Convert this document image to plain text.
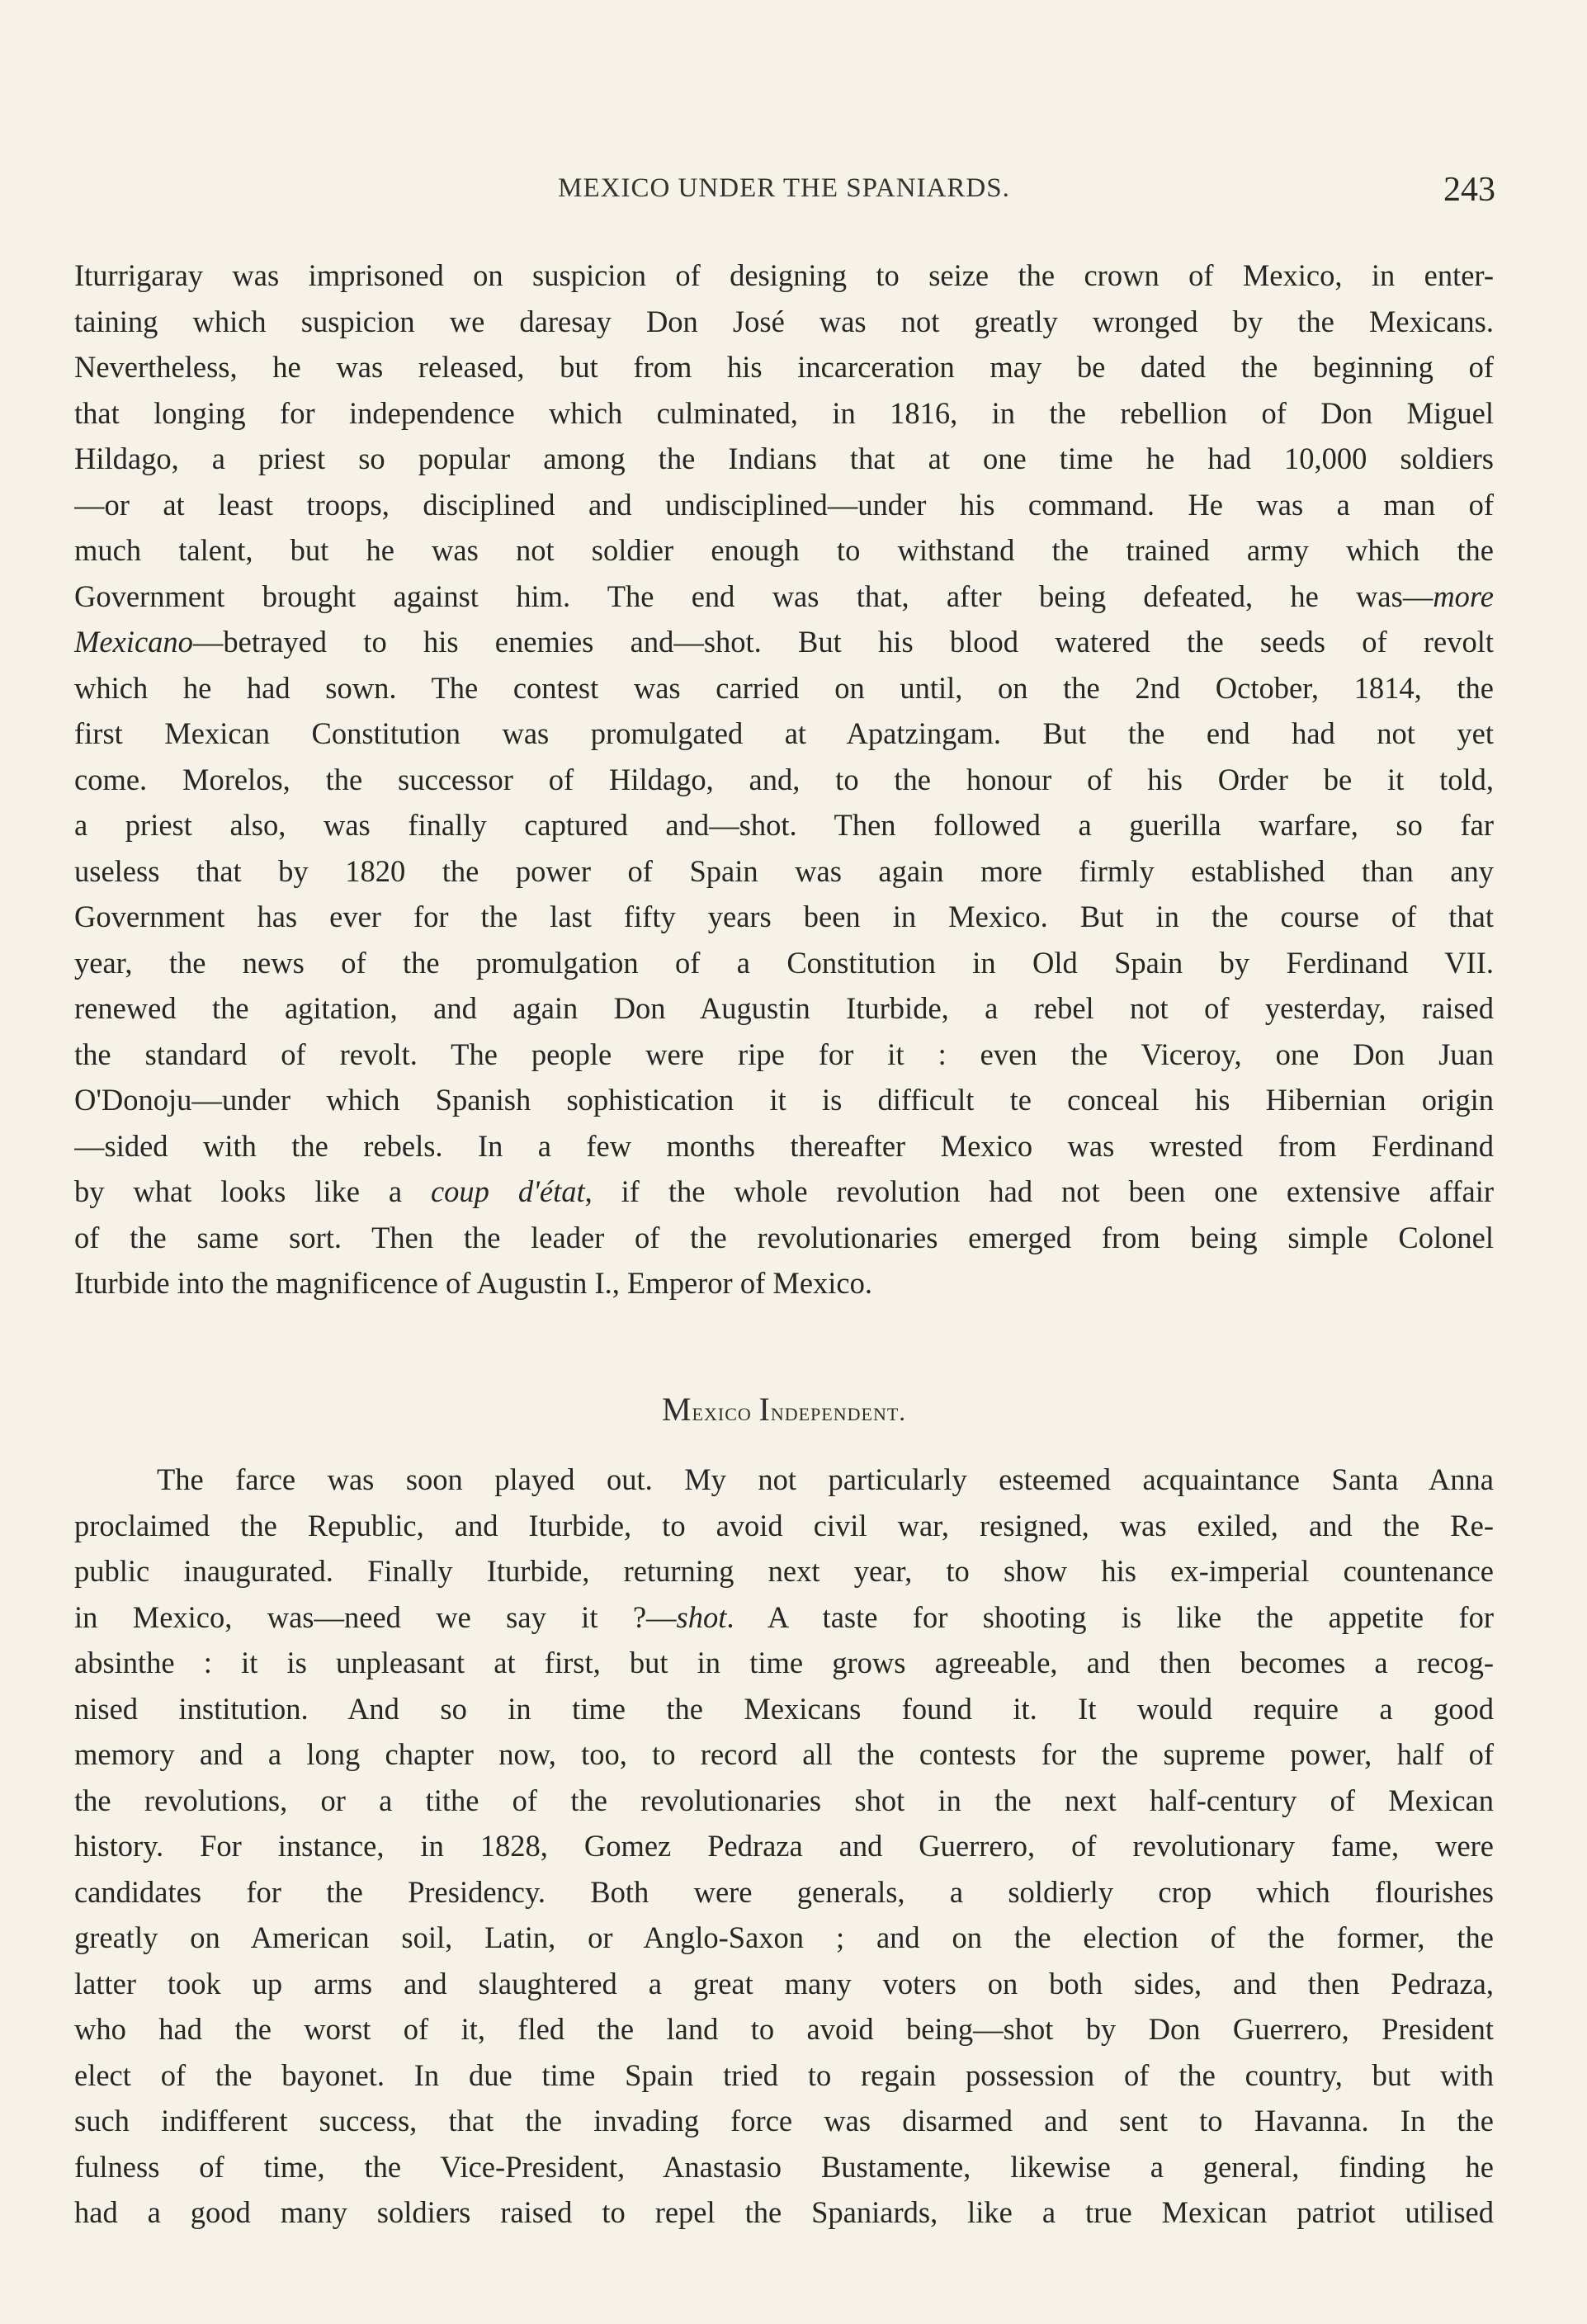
MEXICO UNDER THE SPANIARDS.	243
Iturrigaray was imprisoned on suspicion of designing to seize the crown of Mexico, in enter-
taining which suspicion we daresay Don José was not greatly wronged by the Mexicans.
Nevertheless, he was released, but from his incarceration may be dated the beginning of
that longing for independence which culminated, in 1816, in the rebellion of Don Miguel
Hildago, a priest so popular among the Indians that at one time he had 10,000 soldiers
—or at least troops, disciplined and undisciplined—under his command. He was a man of
much talent, but he was not soldier enough to withstand the trained army which the
Government brought against him. The end was that, after being defeated, he was—more
Mexicano—betrayed to his enemies and—shot. But his blood watered the seeds of revolt
which he had sown. The contest was carried on until, on the 2nd October, 1814, the
first Mexican Constitution was promulgated at Apatzingam. But the end had not yet
come. Morelos, the successor of Hildago, and, to the honour of his Order be it told,
a priest also, was finally captured and—shot. Then followed a guerilla warfare, so far
useless that by 1820 the power of Spain was again more firmly established than any
Government has ever for the last fifty years been in Mexico. But in the course of that
year, the news of the promulgation of a Constitution in Old Spain by Ferdinand VII.
renewed the agitation, and again Don Augustin Iturbide, a rebel not of yesterday, raised
the standard of revolt. The people were ripe for it : even the Viceroy, one Don Juan
O'Donoju—under which Spanish sophistication it is difficult te conceal his Hibernian origin
—sided with the rebels. In a few months thereafter Mexico was wrested from Ferdinand
by what looks like a coup d'état, if the whole revolution had not been one extensive affair
of the same sort. Then the leader of the revolutionaries emerged from being simple Colonel
Iturbide into the magnificence of Augustin I., Emperor of Mexico.
Mexico Independent.
The farce was soon played out. My not particularly esteemed acquaintance Santa Anna
proclaimed the Republic, and Iturbide, to avoid civil war, resigned, was exiled, and the Re-
public inaugurated. Finally Iturbide, returning next year, to show his ex-imperial countenance
in Mexico, was—need we say it ?—shot. A taste for shooting is like the appetite for
absinthe : it is unpleasant at first, but in time grows agreeable, and then becomes a recog-
nised institution. And so in time the Mexicans found it. It would require a good
memory and a long chapter now, too, to record all the contests for the supreme power, half of
the revolutions, or a tithe of the revolutionaries shot in the next half-century of Mexican
history. For instance, in 1828, Gomez Pedraza and Guerrero, of revolutionary fame, were
candidates for the Presidency. Both were generals, a soldierly crop which flourishes
greatly on American soil, Latin, or Anglo-Saxon ; and on the election of the former, the
latter took up arms and slaughtered a great many voters on both sides, and then Pedraza,
who had the worst of it, fled the land to avoid being—shot by Don Guerrero, President
elect of the bayonet. In due time Spain tried to regain possession of the country, but with
such indifferent success, that the invading force was disarmed and sent to Havanna. In the
fulness of time, the Vice-President, Anastasio Bustamente, likewise a general, finding he
had a good many soldiers raised to repel the Spaniards, like a true Mexican patriot utilised
